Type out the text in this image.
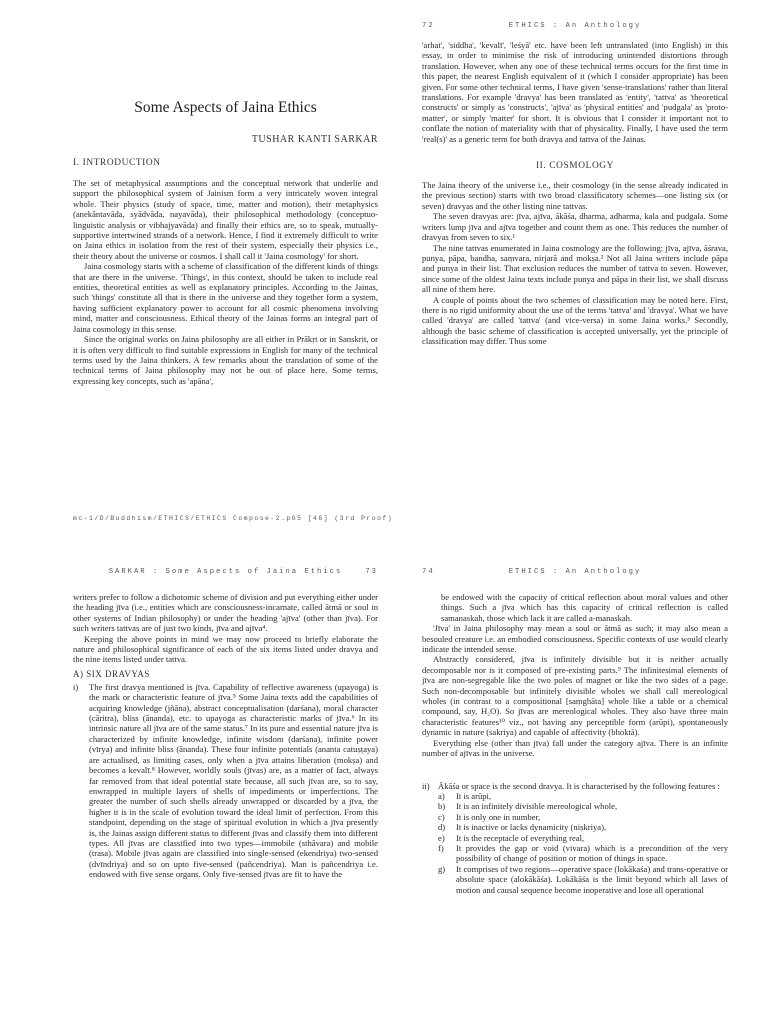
Some Aspects of Jaina Ethics
TUSHAR KANTI SARKAR
I. INTRODUCTION

The set of metaphysical assumptions and the conceptual network that underlie and support the philosophical system of Jainism form a very intricately woven integral whole. Their physics (study of space, time, matter and motion), their metaphysics (anekāntavāda, syādvāda, nayavāda), their philosophical methodology (conceptuo-linguistic analysis or vibhajyavāda) and finally their ethics are, so to speak, mutually-supportive intertwined strands of a network. Hence, I find it extremely difficult to write on Jaina ethics in isolation from the rest of their system, especially their physics i.e., their theory about the universe or cosmos. I shall call it 'Jaina cosmology' for short.

Jaina cosmology starts with a scheme of classification of the different kinds of things that are there in the universe. 'Things', in this context, should be taken to include real entities, theoretical entities as well as explanatory principles. According to the Jainas, such 'things' constitute all that is there in the universe and they together form a system, having sufficient explanatory power to account for all cosmic phenomena involving mind, matter and consciousness. Ethical theory of the Jainas forms an integral part of Jaina cosmology in this sense.

Since the original works on Jaina philosophy are all either in Prākṛt or in Sanskrit, or it is often very difficult to find suitable expressions in English for many of the technical terms used by the Jaina thinkers. A few remarks about the translation of some of the technical terms of Jaina philosophy may not be out of place here. Some terms, expressing key concepts, such as 'apāna',

72	ETHICS : An Anthology

'arhat', 'siddha', 'kevalī', 'leśyā' etc. have been left untranslated (into English) in this essay, in order to minimise the risk of introducing unintended distortions through translation. However, when any one of these technical terms occurs for the first time in this paper, the nearest English equivalent of it (which I consider appropriate) has been given. For some other technical terms, I have given 'sense-translations' rather than literal translations. For example 'dravya' has been translated as 'entity', 'tattva' as 'theoretical constructs' or simply as 'constructs', 'ajīva' as 'physical entities' and 'pudgala' as 'proto-matter', or simply 'matter' for short. It is obvious that I consider it important not to conflate the notion of materiality with that of physicality. Finally, I have used the term 'real(s)' as a generic term for both dravya and tattva of the Jainas.

II. COSMOLOGY

The Jaina theory of the universe i.e., their cosmology (in the sense already indicated in the previous section) starts with two broad classificatory schemes—one listing six (or seven) dravyas and the other listing nine tattvas.

The seven dravyas are: jīva, ajīva, ākāśa, dharma, adharma, kala and pudgala. Some writers lump jīva and ajīva together and count them as one. This reduces the number of dravyas from seven to six.¹

The nine tattvas enumerated in Jaina cosmology are the following: jīva, ajīva, āśrava, punya, pāpa, bandha, saṃvara, nirjarā and mokṣa.² Not all Jaina writers include pāpa and punya in their list. That exclusion reduces the number of tattva to seven. However, since some of the oldest Jaina texts include punya and pāpa in their list, we shall discuss all nine of them here.

A couple of points about the two schemes of classification may be noted here. First, there is no rigid uniformity about the use of the terms 'tattva' and 'dravya'. What we have called 'dravya' are called 'tattva' (and vice-versa) in some Jaina works.³ Secondly, although the basic scheme of classification is accepted universally, yet the principle of classification may differ. Thus some

mc-1/D/Buddhism/ETHICS/ETHICS Compose-2.p65 [46] (3rd Proof)
SARKAR : Some Aspects of Jaina Ethics	73

writers prefer to follow a dichotomic scheme of division and put everything either under the heading jīva (i.e., entities which are consciousness-incarnate, called ātmā or soul in other systems of Indian philosophy) or under the heading 'ajīva' (other than jīva). For such writers tattvas are of just two kinds, jīva and ajīva⁴.

Keeping the above points in mind we may now proceed to briefly elaborate the nature and philosophical significance of each of the six items listed under dravya and the nine items listed under tattva.

A) SIX DRAVYAS
i) The first dravya mentioned is jīva. Capability of reflective awareness (upayoga) is the mark or characteristic feature of jīva.⁵ Some Jaina texts add the capabilities of acquiring knowledge (jñāna), abstract conceptualisation (darśana), moral character (cāritra), bliss (ānanda), etc. to upayoga as characteristic marks of jīva.⁶ In its intrinsic nature all jīva are of the same status.⁷ In its pure and essential nature jīva is characterized by infinite knowledge, infinite wisdom (darśana), infinite power (vīrya) and infinite bliss (ānanda). These four infinite potentials (ananta catuṣṭaya) are actualised, as limiting cases, only when a jīva attains liberation (mokṣa) and becomes a kevalī.⁸ However, worldly souls (jīvas) are, as a matter of fact, always far removed from that ideal potential state because, all such jīvas are, so to say, enwrapped in multiple layers of shells of impediments or imperfections. The greater the number of such shells already unwrapped or discarded by a jīva, the higher it is in the scale of evolution toward the ideal limit of perfection. From this standpoint, depending on the stage of spiritual evolution in which a jīva presently is, the Jainas assign different status to different jīvas and classify them into different types. All jīvas are classified into two types—immobile (sthāvara) and mobile (trasa). Mobile jīvas again are classified into single-sensed (ekendriya) two-sensed (dvīndriya) and so on upto five-sensed (pañcendriya). Man is pañcendriya i.e. endowed with five sense organs. Only five-sensed jīvas are fit to have the

74	ETHICS : An Anthology

be endowed with the capacity of critical reflection about moral values and other things. Such a jīva which has this capacity of critical reflection is called samanaskah, those which lack it are called a-manaskah.

'Jīva' in Jaina philosophy may mean a soul or ātmā as such; it may also mean a besouled creature i.e. an embodied consciousness. Specific contexts of use would clearly indicate the intended sense.

Abstractly considered, jīva is infinitely divisible but it is neither actually decomposable nor is it composed of pre-existing parts.⁹ The infinitesimal elements of jīva are non-segregable like the two poles of magnet or like the two sides of a page. Such non-decomposable but infinitely divisible wholes we shall call mereological wholes (in contrast to a compositional [saṃghāta] whole like a table or a chemical compound, say, H₂O). So jīvas are mereological wholes. They also have three main characteristic features¹⁰ viz., not having any perceptible form (arūpi), spontaneously dynamic in nature (sakriya) and capable of affectivity (bhoktā).

Everything else (other than jīva) fall under the category ajīva. There is an infinite number of ajīvas in the universe.

ii) Ākāśa or space is the second dravya. It is characterised by the following features :

a) It is arūpi,
b) It is an infinitely divisible mereological whole,
c) It is only one in number,
d) It is inactive or lacks dynamicity (niṣkriya),
e) It is the receptacle of everything real,
f) It provides the gap or void (vivara) which is a precondition of the very possibility of change of position or motion of things in space.
g) It comprises of two regions—operative space (lokākaśa) and trans-operative or absolute space (alokākāśa). Lokākāśa is the limit beyond which all laws of motion and causal sequence become inoperative and lose all operational
